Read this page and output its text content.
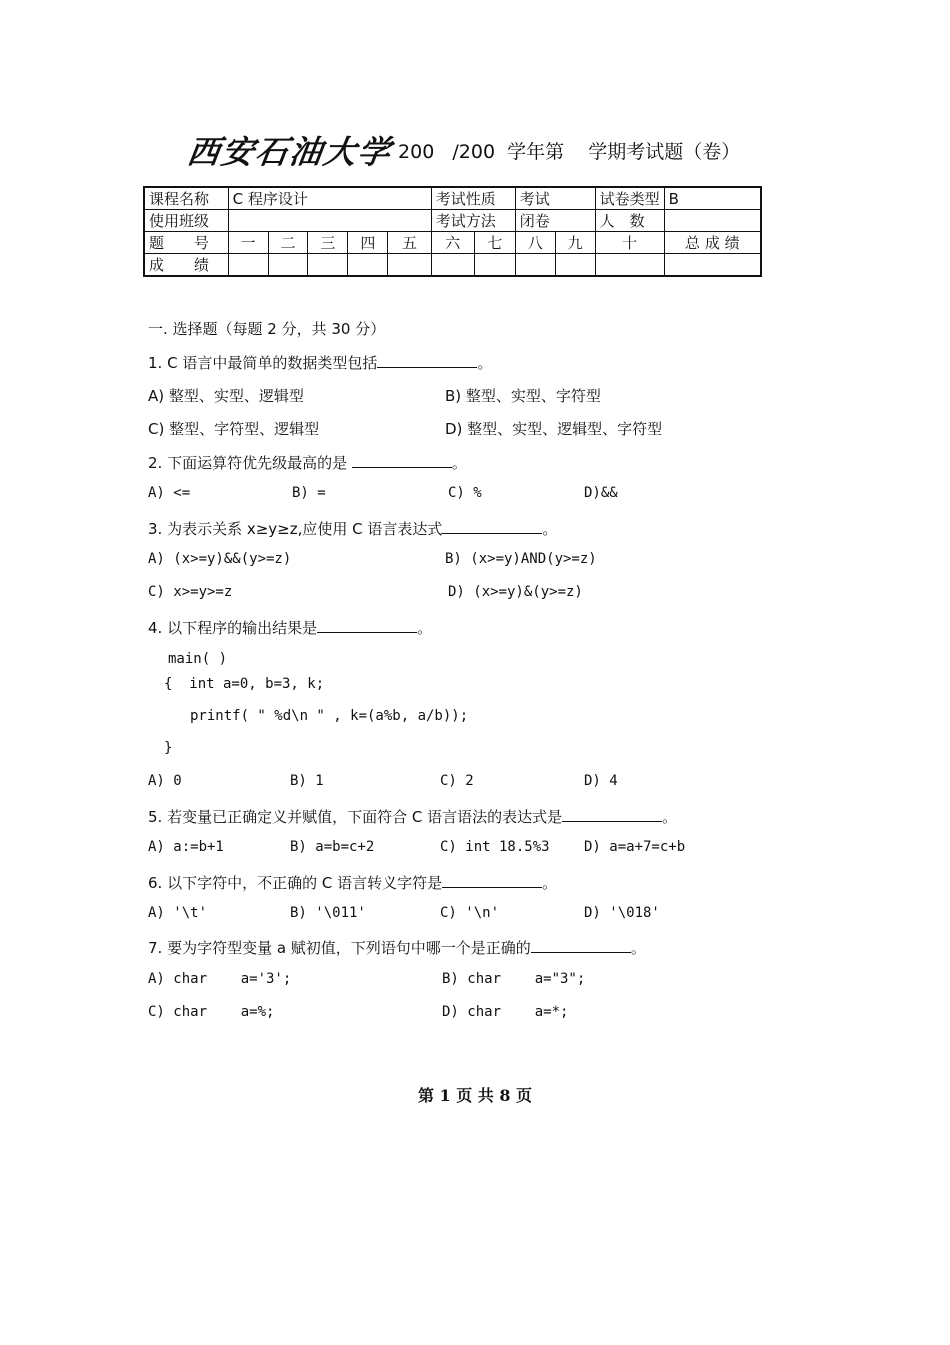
西安石油大学 200   /200  学年第    学期考试题（卷）
课程名称	C 程序设计					考试性质		考试		试卷类型	B
使用班级						考试方法		闭卷		人　数	
题　　号	一	二	三	四	五	六	七	八	九	十	总 成 绩
成　　绩											
一. 选择题（每题 2 分，共 30 分）
1. C 语言中最简单的数据类型包括	。
A) 整型、实型、逻辑型	B) 整型、实型、字符型
C) 整型、字符型、逻辑型	D) 整型、实型、逻辑型、字符型
2. 下面运算符优先级最高的是	。
A) <=	B) =	C) %	D)&&
3. 为表示关系 x≥y≥z,应使用 C 语言表达式	。
A) (x>=y)&&(y>=z)	B) (x>=y)AND(y>=z)
C) x>=y>=z	D) (x>=y)&(y>=z)
4. 以下程序的输出结果是	。
main( )
{  int a=0, b=3, k;
printf( " %d\n " , k=(a%b, a/b));
}
A) 0	B) 1	C) 2	D) 4
5. 若变量已正确定义并赋值，下面符合 C 语言语法的表达式是	。
A) a:=b+1	B) a=b=c+2	C) int 18.5%3 D) a=a+7=c+b
6. 以下字符中，不正确的 C 语言转义字符是	。
A) '\t'	B) '\011'	C) '\n'	D) '\018'
7. 要为字符型变量 a 赋初值，下列语句中哪一个是正确的	。
A) char    a='3';	B) char    a="3";
C) char    a=%;	D) char    a=*;
第 1 页 共 8 页
